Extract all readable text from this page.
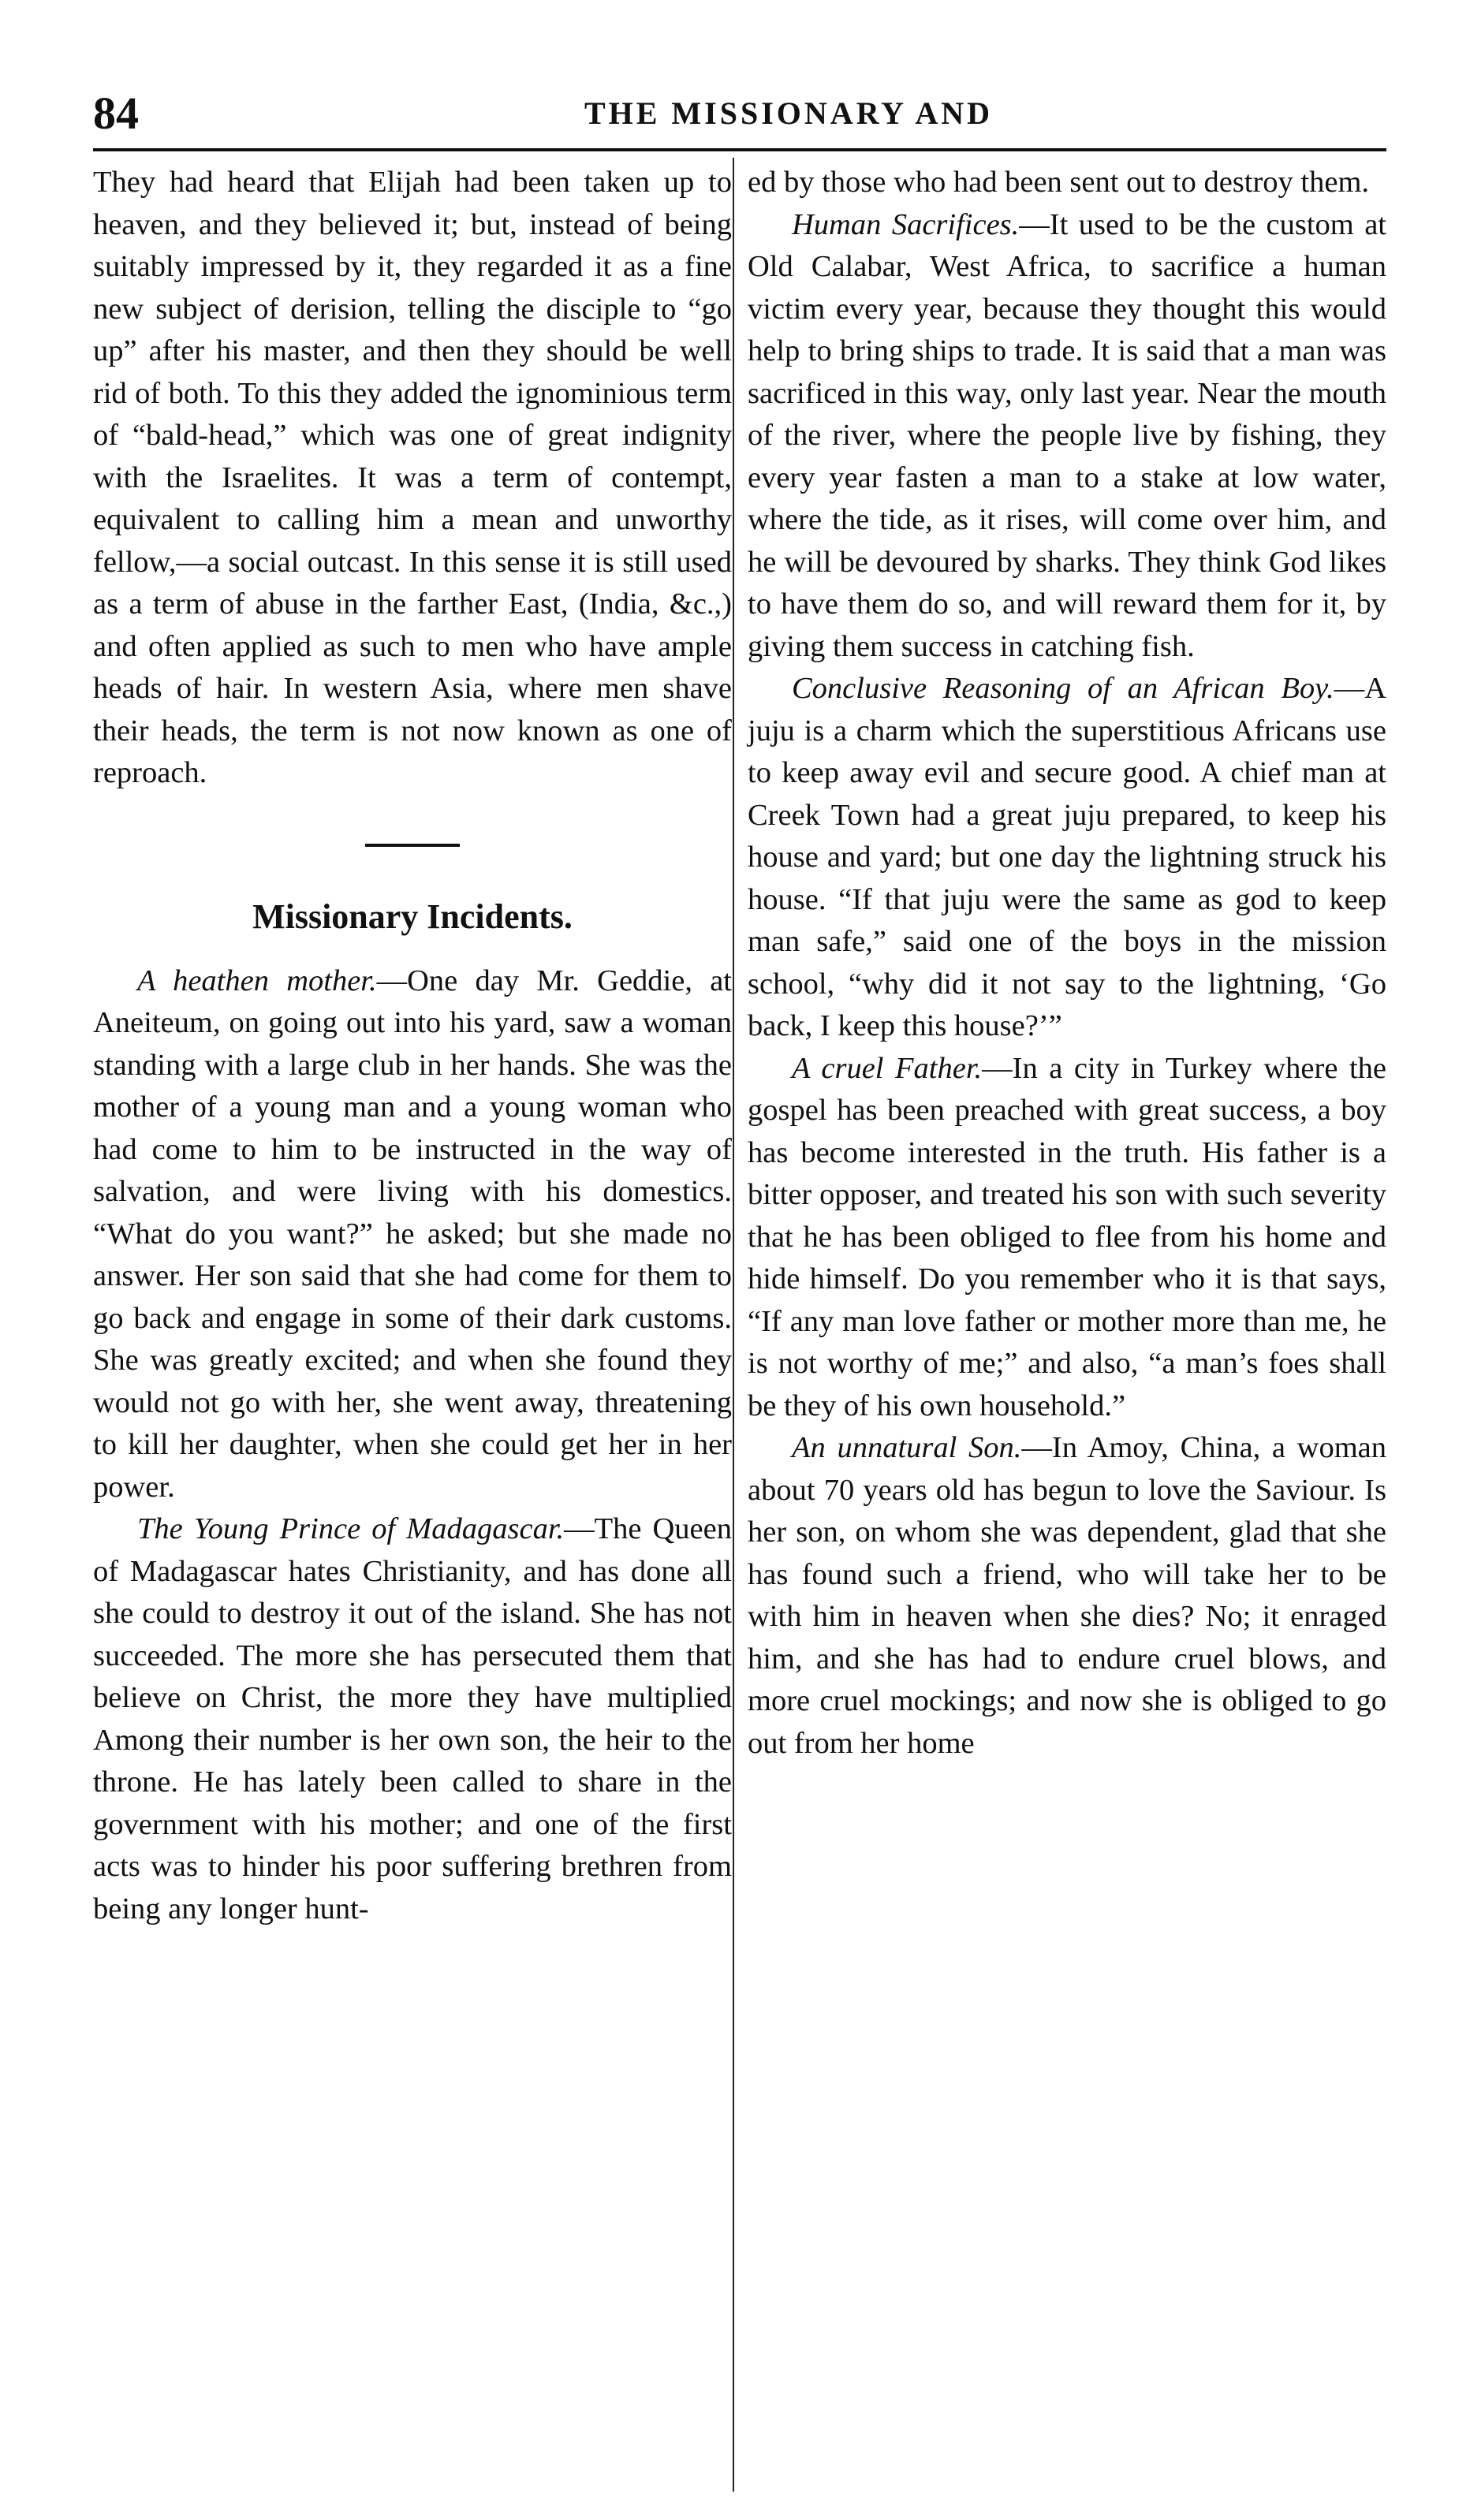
84	THE MISSIONARY AND

They had heard that Elijah had been taken up to heaven, and they believed it; but, instead of being suitably impressed by it, they regarded it as a fine new subject of derision, telling the disciple to “go up” after his master, and then they should be well rid of both. To this they added the ignominious term of “bald-head,” which was one of great indignity with the Israelites. It was a term of contempt, equivalent to calling him a mean and unworthy fellow,—a social outcast. In this sense it is still used as a term of abuse in the farther East, (India, &c.,) and often applied as such to men who have ample heads of hair. In western Asia, where men shave their heads, the term is not now known as one of reproach.

Missionary Incidents.

A heathen mother.—One day Mr. Geddie, at Aneiteum, on going out into his yard, saw a woman standing with a large club in her hands. She was the mother of a young man and a young woman who had come to him to be instructed in the way of salvation, and were living with his domestics. “What do you want?” he asked; but she made no answer. Her son said that she had come for them to go back and engage in some of their dark customs. She was greatly excited; and when she found they would not go with her, she went away, threatening to kill her daughter, when she could get her in her power.

The Young Prince of Madagascar.—The Queen of Madagascar hates Christianity, and has done all she could to destroy it out of the island. She has not succeeded. The more she has persecuted them that believe on Christ, the more they have multiplied Among their number is her own son, the heir to the throne. He has lately been called to share in the government with his mother; and one of the first acts was to hinder his poor suffering brethren from being any longer hunt-

ed by those who had been sent out to destroy them.

Human Sacrifices.—It used to be the custom at Old Calabar, West Africa, to sacrifice a human victim every year, because they thought this would help to bring ships to trade. It is said that a man was sacrificed in this way, only last year. Near the mouth of the river, where the people live by fishing, they every year fasten a man to a stake at low water, where the tide, as it rises, will come over him, and he will be devoured by sharks. They think God likes to have them do so, and will reward them for it, by giving them success in catching fish.

Conclusive Reasoning of an African Boy.—A juju is a charm which the superstitious Africans use to keep away evil and secure good. A chief man at Creek Town had a great juju prepared, to keep his house and yard; but one day the lightning struck his house. “If that juju were the same as god to keep man safe,” said one of the boys in the mission school, “why did it not say to the lightning, ‘Go back, I keep this house?’”

A cruel Father.—In a city in Turkey where the gospel has been preached with great success, a boy has become interested in the truth. His father is a bitter opposer, and treated his son with such severity that he has been obliged to flee from his home and hide himself. Do you remember who it is that says, “If any man love father or mother more than me, he is not worthy of me;” and also, “a man’s foes shall be they of his own household.”

An unnatural Son.—In Amoy, China, a woman about 70 years old has begun to love the Saviour. Is her son, on whom she was dependent, glad that she has found such a friend, who will take her to be with him in heaven when she dies? No; it enraged him, and she has had to endure cruel blows, and more cruel mockings; and now she is obliged to go out from her home
